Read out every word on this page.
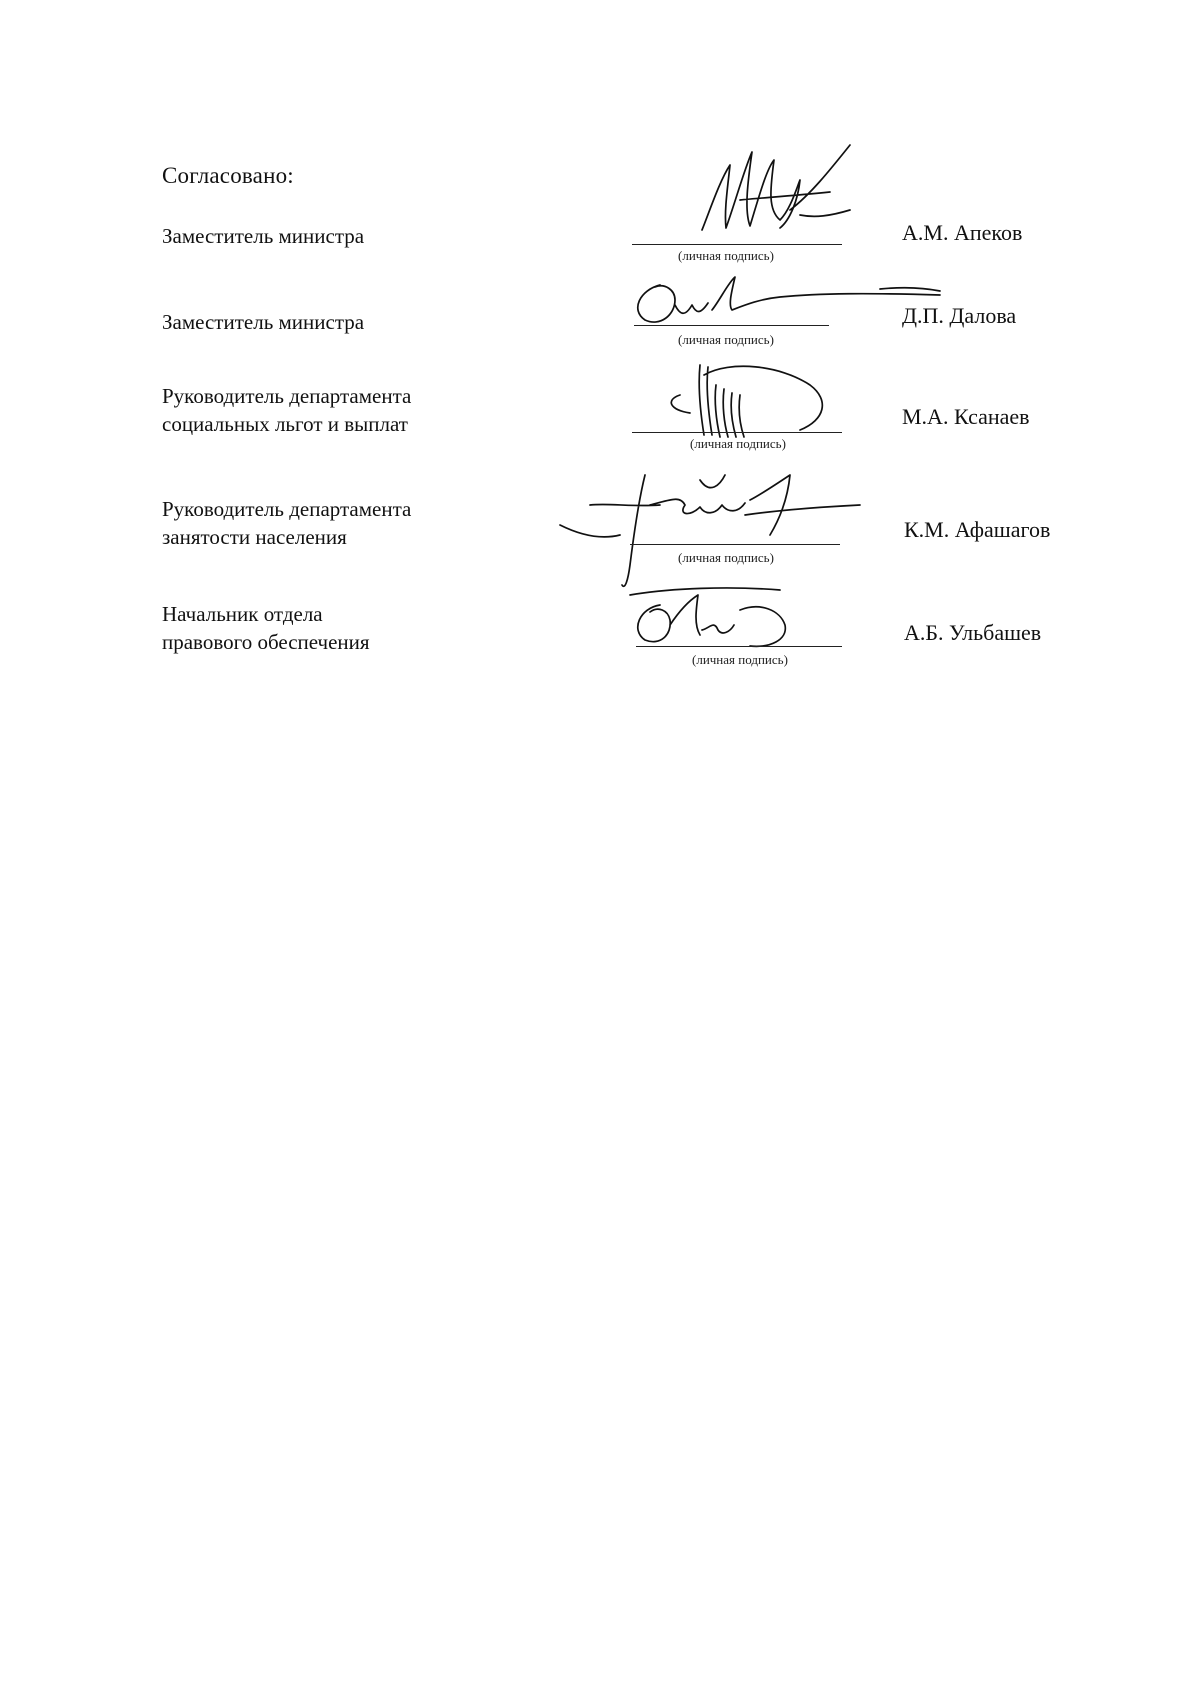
Согласовано:
Заместитель министра
(личная подпись)
А.М. Апеков
Заместитель министра
(личная подпись)
Д.П. Далова
Руководитель департамента
социальных льгот и выплат
(личная подпись)
М.А. Ксанаев
Руководитель департамента
занятости населения
(личная подпись)
К.М. Афашагов
Начальник отдела
правового обеспечения
(личная подпись)
А.Б. Ульбашев
